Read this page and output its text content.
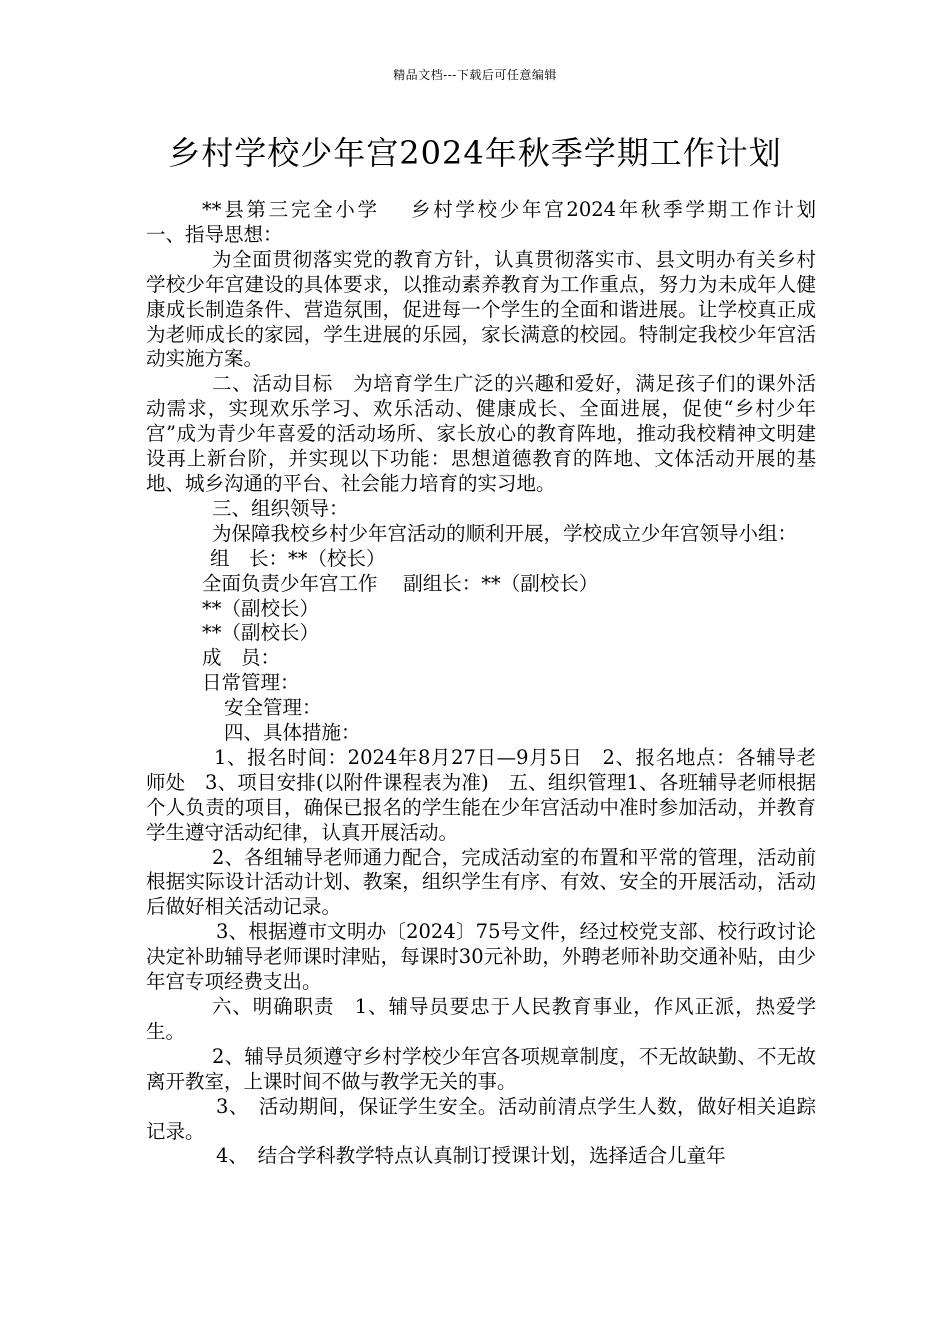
精品文档---下载后可任意编辑
乡村学校少年宫2024年秋季学期工作计划

**县第三完全小学　 乡村学校少年宫2024年秋季学期工作计划　　一、指导思想：

为全面贯彻落实党的教育方针，认真贯彻落实市、县文明办有关乡村学校少年宫建设的具体要求，以推动素养教育为工作重点，努力为未成年人健康成长制造条件、营造氛围，促进每一个学生的全面和谐进展。让学校真正成为老师成长的家园，学生进展的乐园，家长满意的校园。特制定我校少年宫活动实施方案。

二、活动目标　为培育学生广泛的兴趣和爱好，满足孩子们的课外活动需求，实现欢乐学习、欢乐活动、健康成长、全面进展，促使“乡村少年宫”成为青少年喜爱的活动场所、家长放心的教育阵地，推动我校精神文明建设再上新台阶，并实现以下功能：思想道德教育的阵地、文体活动开展的基地、城乡沟通的平台、社会能力培育的实习地。

三、组织领导：

为保障我校乡村少年宫活动的顺利开展，学校成立少年宫领导小组：

组　长：**（校长）

全面负责少年宫工作　 副组长：**（副校长）

**（副校长）

**（副校长）

成　员：

日常管理：

安全管理：

四、具体措施：

1、报名时间：2024年8月27日—9月5日　2、报名地点：各辅导老师处　3、项目安排(以附件课程表为准)　五、组织管理1、各班辅导老师根据个人负责的项目，确保已报名的学生能在少年宫活动中准时参加活动，并教育学生遵守活动纪律，认真开展活动。

2、各组辅导老师通力配合，完成活动室的布置和平常的管理，活动前根据实际设计活动计划、教案，组织学生有序、有效、安全的开展活动，活动后做好相关活动记录。

3、根据遵市文明办〔2024〕75号文件，经过校党支部、校行政讨论决定补助辅导老师课时津贴，每课时30元补助，外聘老师补助交通补贴，由少年宫专项经费支出。

六、明确职责　1、辅导员要忠于人民教育事业，作风正派，热爱学生。

2、辅导员须遵守乡村学校少年宫各项规章制度，不无故缺勤、不无故离开教室，上课时间不做与教学无关的事。

3、　活动期间，保证学生安全。活动前清点学生人数，做好相关追踪记录。

4、　结合学科教学特点认真制订授课计划，选择适合儿童年
